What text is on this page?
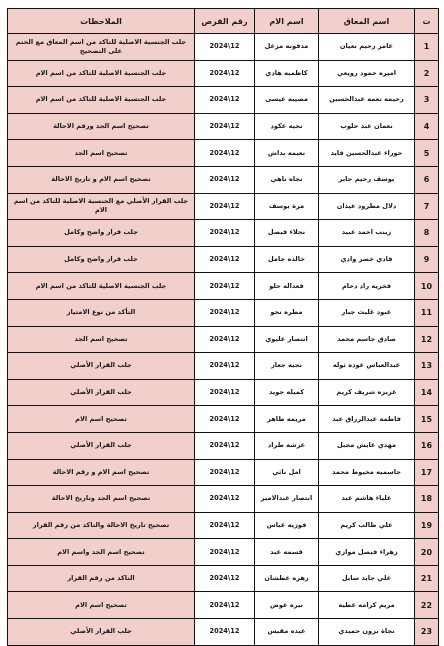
ت	اسم المعاق	اسم الام	رقم القرص	الملاحظات
1	عامر رحيم نعيان	مدفونه مزعل	12\2024	جلب الجنسية الاصلية للتاكد من اسم المعاق مع الختم على التصحيح
2	اميره حمود رويعي	كاظميه هادي	12\2024	جلب الجنسية الاصلية للتاكد من اسم الام
3	رحيمه نعمه عبدالحسين	مصيبه عيسى	12\2024	جلب الجنسية الاصلية للتاكد من اسم الام
4	نعمان عبد حلوب	نجيه عكود	12\2024	تصحيح اسم الجد ورقم الاحالة
5	حوراء عبدالحسين فايد	نعيمه بداش	12\2024	تصحيح اسم الجد
6	يوسف رحيم جابر	نجاه ناهي	12\2024	تصحيح اسم الام و تاريخ الاحالة
7	دلال مطرود عيدان	مرة يوسف	12\2024	جلب القرار الأصلي مع الجنسية الاصلية للتاكد من اسم الام
8	زينب احمد عبيد	نجلاء فيصل	12\2024	جلب قرار واضح وكامل
9	فادي خضر وادي	خالده جامل	12\2024	جلب قرار واضح وكامل
10	فخريه راد دحام	فعداله حلو	12\2024	جلب الجنسية الاصلية للتاكد من اسم الام
11	عبود غليث جبار	مطره نحو	12\2024	التأكد من نوع الامتياز
12	صادق جاسم محمد	انتصار عليوي	12\2024	تصحيح اسم الجد
13	عبدالعباس عوده ثوله	نجيه جعاز	12\2024	جلب القرار الأصلي
14	عزيزه شريف كريم	كميله جويد	12\2024	جلب القرار الأصلي
15	فاطمه عبدالرزاق عبد	مريمه طاهر	12\2024	تصحيح اسم الام
16	مهدي عايش مجبل	عرشه طراد	12\2024	جلب القرار الأصلي
17	جاسميه مخيوط محمد	امل ناثي	12\2024	تصحيح اسم الام و رقم الاحالة
18	علياء هاشم عبد	انتصار عبدالامير	12\2024	تصحيح اسم الجد وتاريخ الاحالة
19	علي طالب كريم	فوزيه عباس	12\2024	تصحيح تاريخ الاحالة والتاكد من رقم القرار
20	زهراء فيصل موازي	قسمه عبد	12\2024	تصحيح اسم الجد واسم الام
21	علي جايد سايل	زهره عطشان	12\2024	التاكد من رقم القرار
22	مريم كرامه عطيه	نيره عوض	12\2024	تصحيح اسم الام
23	نجاة بزون حميدي	عيده مقيس	12\2024	جلب القرار الأصلي
